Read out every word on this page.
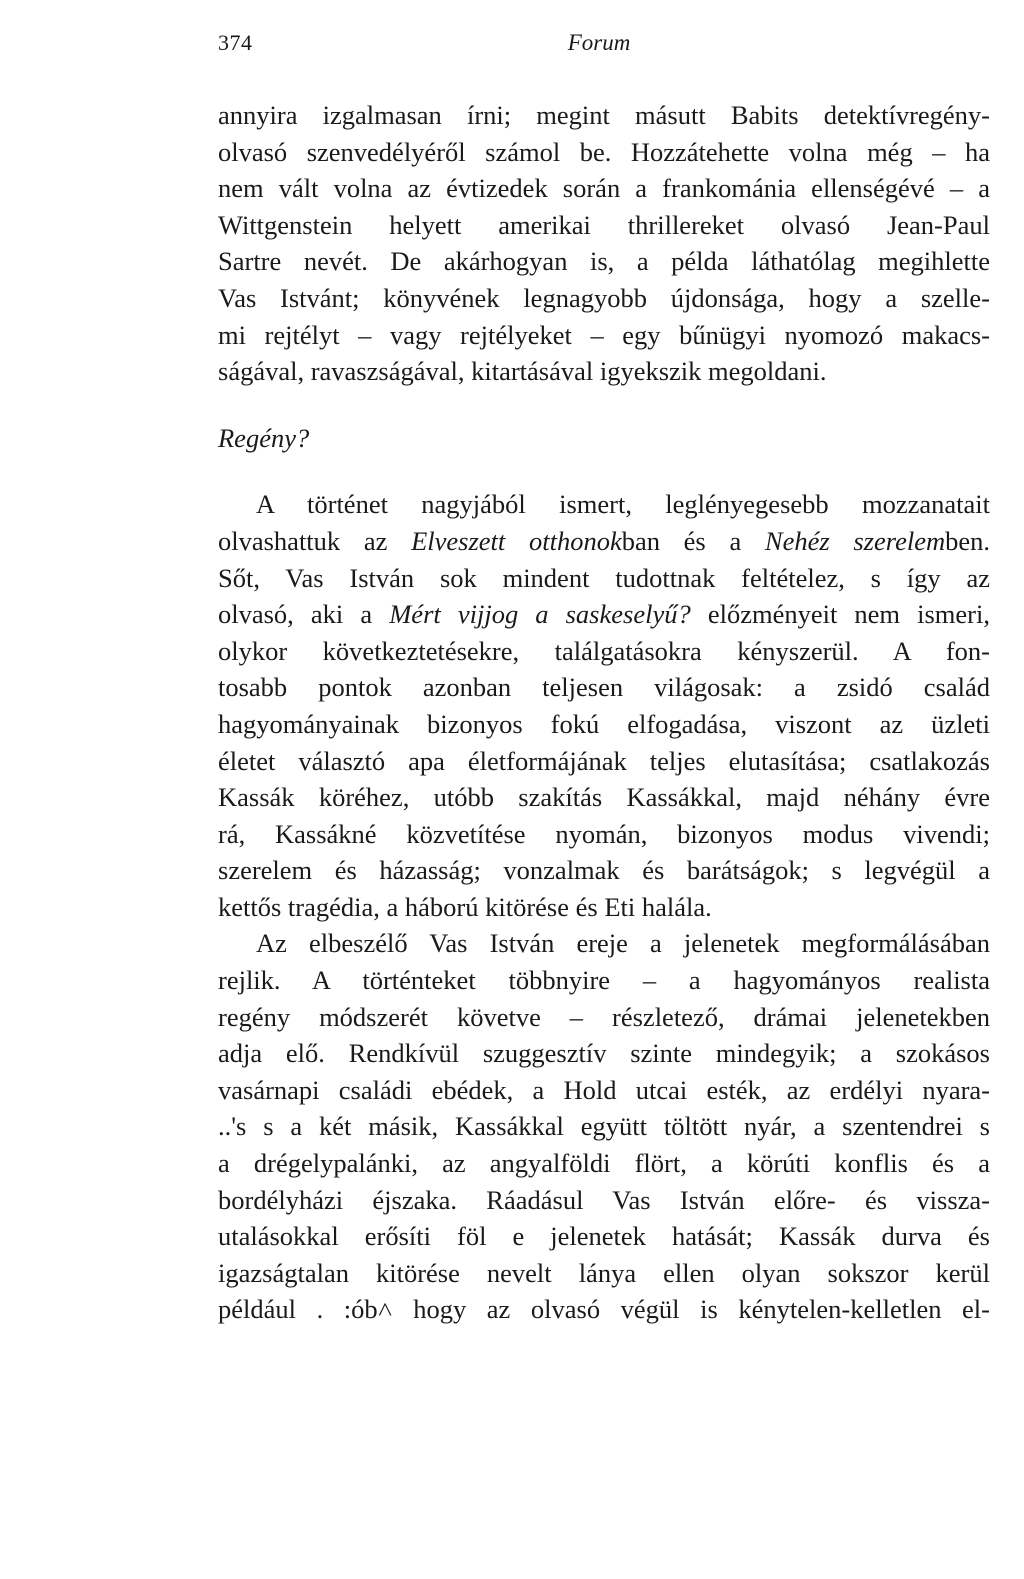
374	Forum
annyira izgalmasan írni; megint másutt Babits detektívregény-
olvasó szenvedélyéről számol be. Hozzátehette volna még – ha
nem vált volna az évtizedek során a frankománia ellenségévé – a
Wittgenstein helyett amerikai thrillereket olvasó Jean-Paul
Sartre nevét. De akárhogyan is, a példa láthatólag megihlette
Vas Istvánt; könyvének legnagyobb újdonsága, hogy a szelle-
mi rejtélyt – vagy rejtélyeket – egy bűnügyi nyomozó makacs-
ságával, ravaszságával, kitartásával igyekszik megoldani.
Regény?
A történet nagyjából ismert, leglényegesebb mozzanatait
olvashattuk az Elveszett otthonokban és a Nehéz szerelemben.
Sőt, Vas István sok mindent tudottnak feltételez, s így az
olvasó, aki a Mért vijjog a saskeselyű? előzményeit nem ismeri,
olykor következtetésekre, találgatásokra kényszerül. A fon-
tosabb pontok azonban teljesen világosak: a zsidó család
hagyományainak bizonyos fokú elfogadása, viszont az üzleti
életet választó apa életformájának teljes elutasítása; csatlakozás
Kassák köréhez, utóbb szakítás Kassákkal, majd néhány évre
rá, Kassákné közvetítése nyomán, bizonyos modus vivendi;
szerelem és házasság; vonzalmak és barátságok; s legvégül a
kettős tragédia, a háború kitörése és Eti halála.
Az elbeszélő Vas István ereje a jelenetek megformálásában
rejlik. A történteket többnyire – a hagyományos realista
regény módszerét követve – részletező, drámai jelenetekben
adja elő. Rendkívül szuggesztív szinte mindegyik; a szokásos
vasárnapi családi ebédek, a Hold utcai esték, az erdélyi nyara-
..'s s a két másik, Kassákkal együtt töltött nyár, a szentendrei s
a drégelypalánki, az angyalföldi flört, a körúti konflis és a
bordélyházi éjszaka. Ráadásul Vas István előre- és vissza-
utalásokkal erősíti föl e jelenetek hatását; Kassák durva és
igazságtalan kitörése nevelt lánya ellen olyan sokszor kerül
például . :ób˄ hogy az olvasó végül is kénytelen-kelletlen el-
